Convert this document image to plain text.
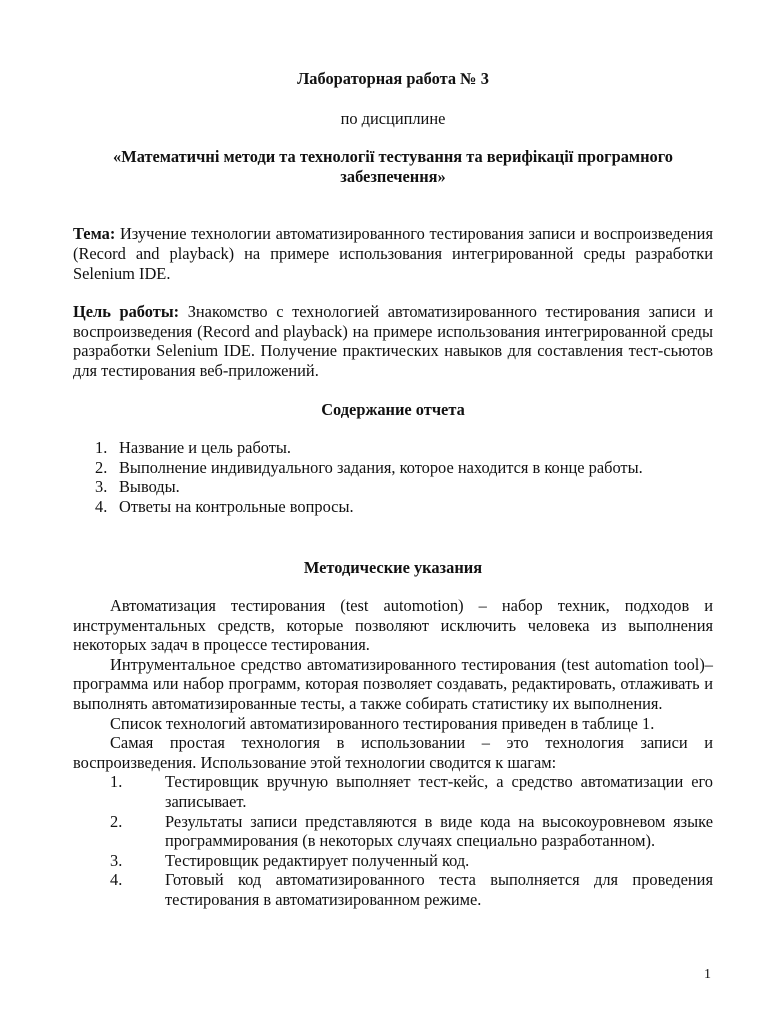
Лабораторная работа № 3

по дисциплине

«Математичні методи та технології тестування та верифікації програмного забезпечення»

Тема: Изучение технологии автоматизированного тестирования записи и воспроизведения (Record and playback) на примере использования интегрированной среды разработки Selenium IDE.

Цель работы: Знакомство с технологией автоматизированного тестирования записи и воспроизведения (Record and playback) на примере использования интегрированной среды разработки Selenium IDE. Получение практических навыков для составления тест-сьютов для тестирования веб-приложений.

Содержание отчета

1. Название и цель работы.
2. Выполнение индивидуального задания, которое находится в конце работы.
3. Выводы.
4. Ответы на контрольные вопросы.

Методические указания

Автоматизация тестирования (test automotion) – набор техник, подходов и инструментальных средств, которые позволяют исключить человека из выполнения некоторых задач в процессе тестирования.

Интрументальное средство автоматизированного тестирования (test automation tool)– программа или набор программ, которая позволяет создавать, редактировать, отлаживать и выполнять автоматизированные тесты, а также собирать статистику их выполнения.

Список технологий автоматизированного тестирования приведен в таблице 1.

Самая простая технология в использовании – это технология записи и воспроизведения. Использование этой технологии сводится к шагам:

1.	Тестировщик вручную выполняет тест-кейс, а средство автоматизации его записывает.
2.	Результаты записи представляются в виде кода на высокоуровневом языке программирования (в некоторых случаях специально разработанном).
3.	Тестировщик редактирует полученный код.
4.	Готовый код автоматизированного теста выполняется для проведения тестирования в автоматизированном режиме.
1
